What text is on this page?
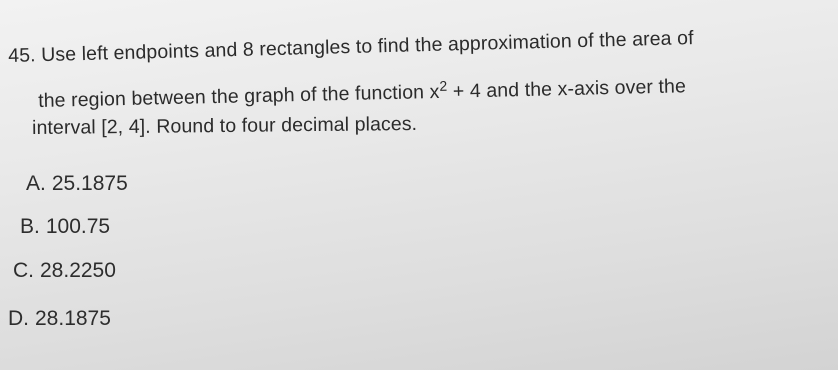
45. Use left endpoints and 8 rectangles to find the approximation of the area of
the region between the graph of the function $x^2 + 4$ and the x-axis over the
interval [2, 4]. Round to four decimal places.
A. 25.1875
B. 100.75
C. 28.2250
D. 28.1875
